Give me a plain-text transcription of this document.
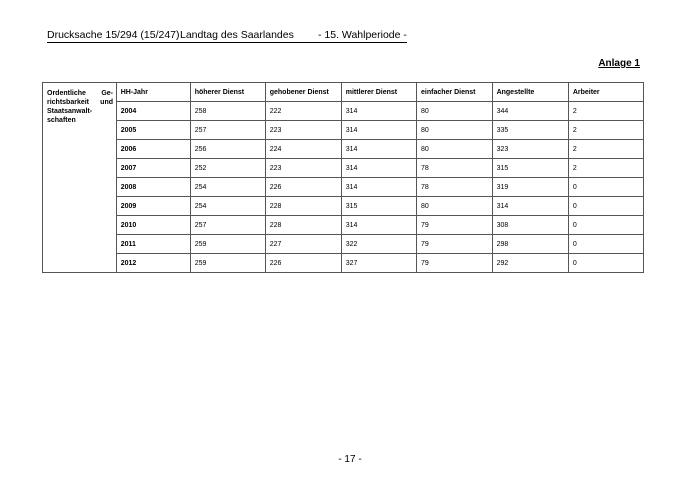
Drucksache 15/294 (15/247)Landtag des Saarlandes - 15. Wahlperiode -
Anlage 1
Ordentliche Ge-richtsbarkeit und Staatsanwalt-schaften	HH-Jahr	höherer Dienst	gehobener Dienst	mittlerer Dienst	einfacher Dienst	Angestellte	Arbeiter
	2004	258	222	314	80	344	2
	2005	257	223	314	80	335	2
	2006	256	224	314	80	323	2
	2007	252	223	314	78	315	2
	2008	254	226	314	78	319	0
	2009	254	228	315	80	314	0
	2010	257	228	314	79	308	0
	2011	259	227	322	79	298	0
	2012	259	226	327	79	292	0
- 17 -
